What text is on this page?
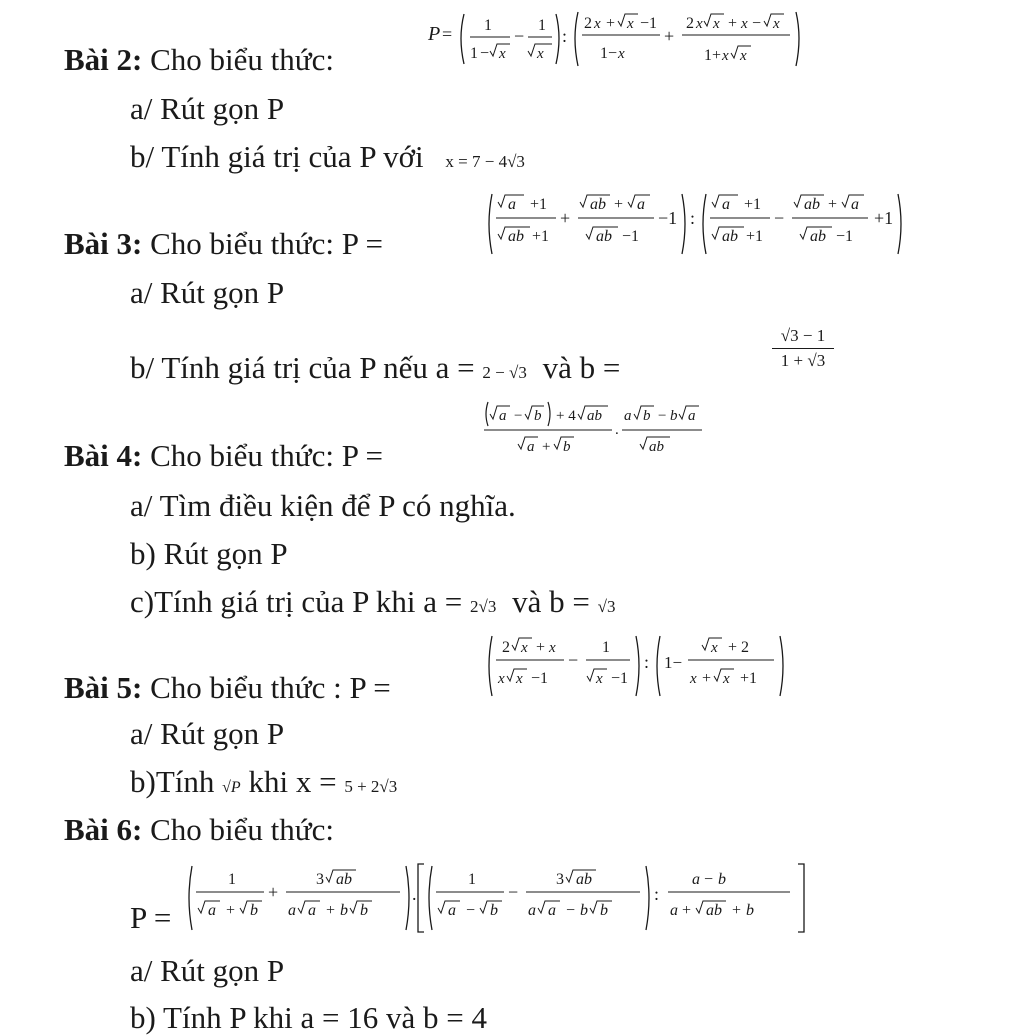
Bài 2: Cho biểu thức:
P = 1
1 − x
−
1
x
:
2 x + x −1
1− x
+
2 x x + x − x
1+ x x
a/ Rút gọn P
b/ Tính giá trị của P với x = 7 − 4√3
Bài 3: Cho biểu thức: P =
a +1
ab +1
+
ab + a
ab −1
−1 :
a +1
ab +1
−
ab + a
ab −1
+1
a/ Rút gọn P
b/ Tính giá trị của P nếu a = 2 − √3 và b =	$\frac{√3 - 1}{1 + √3}$
Bài 4: Cho biểu thức: P =
a − b + 4 ab
a + b
.
a b − b a
ab
a/ Tìm điều kiện để P có nghĩa.
b) Rút gọn P
c)Tính giá trị của P khi a = 2√3 và b = √3
Bài 5: Cho biểu thức : P =
2 x + x
x x −1
−
1
x −1
: 1−
x + 2
x + x +1
a/ Rút gọn P
b)Tính √P khi x = 5 + 2√3
Bài 6: Cho biểu thức:
P =
1
a + b
+
3 ab
a a + b b
.
1
a − b
−
3 ab
a a − b b
:
a − b
a + ab + b
a/ Rút gọn P
b) Tính P khi a = 16 và b = 4
